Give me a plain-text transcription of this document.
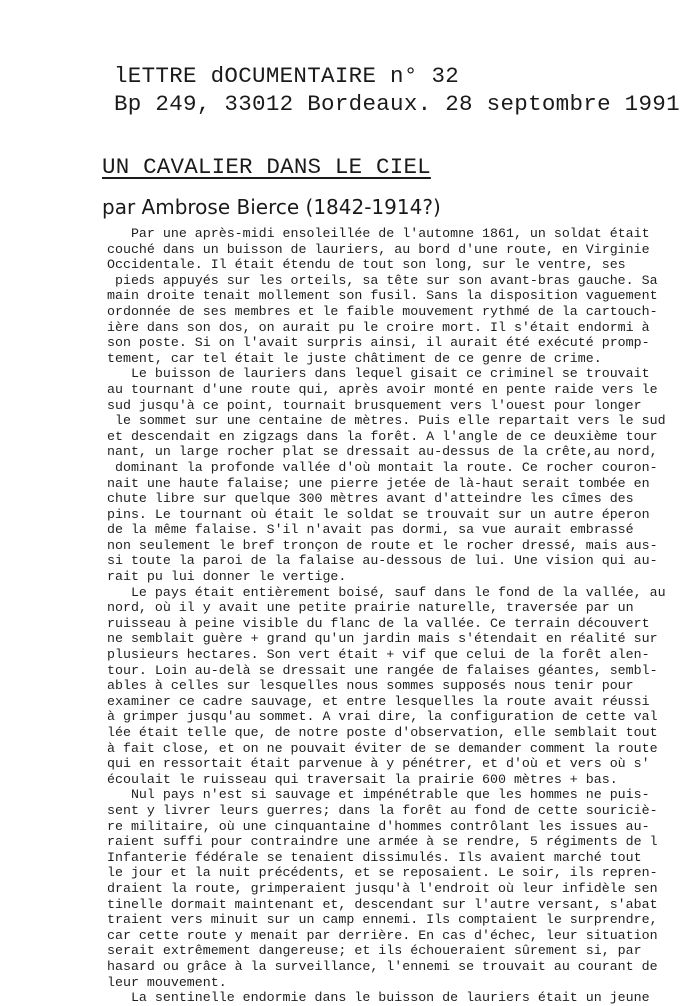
lETTRE dOCUMENTAIRE n° 32
Bp 249, 33012 Bordeaux. 28 septombre 1991
UN CAVALIER DANS LE CIEL
par Ambrose Bierce (1842-1914?)

Par une après-midi ensoleillée de l'automne 1861, un soldat était
couché dans un buisson de lauriers, au bord d'une route, en Virginie
Occidentale. Il était étendu de tout son long, sur le ventre, ses
pieds appuyés sur les orteils, sa tête sur son avant-bras gauche. Sa
main droite tenait mollement son fusil. Sans la disposition vaguement
ordonnée de ses membres et le faible mouvement rythmé de la cartouch-
ière dans son dos, on aurait pu le croire mort. Il s'était endormi à
son poste. Si on l'avait surpris ainsi, il aurait été exécuté promp-
tement, car tel était le juste châtiment de ce genre de crime.

Le buisson de lauriers dans lequel gisait ce criminel se trouvait
au tournant d'une route qui, après avoir monté en pente raide vers le
sud jusqu'à ce point, tournait brusquement vers l'ouest pour longer
le sommet sur une centaine de mètres. Puis elle repartait vers le sud
et descendait en zigzags dans la forêt. A l'angle de ce deuxième tour
nant, un large rocher plat se dressait au-dessus de la crête,au nord,
dominant la profonde vallée d'où montait la route. Ce rocher couron-
nait une haute falaise; une pierre jetée de là-haut serait tombée en
chute libre sur quelque 300 mètres avant d'atteindre les cîmes des
pins. Le tournant où était le soldat se trouvait sur un autre éperon
de la même falaise. S'il n'avait pas dormi, sa vue aurait embrassé
non seulement le bref tronçon de route et le rocher dressé, mais aus-
si toute la paroi de la falaise au-dessous de lui. Une vision qui au-
rait pu lui donner le vertige.

Le pays était entièrement boisé, sauf dans le fond de la vallée, au
nord, où il y avait une petite prairie naturelle, traversée par un
ruisseau à peine visible du flanc de la vallée. Ce terrain découvert
ne semblait guère + grand qu'un jardin mais s'étendait en réalité sur
plusieurs hectares. Son vert était + vif que celui de la forêt alen-
tour. Loin au-delà se dressait une rangée de falaises géantes, sembl-
ables à celles sur lesquelles nous sommes supposés nous tenir pour
examiner ce cadre sauvage, et entre lesquelles la route avait réussi
à grimper jusqu'au sommet. A vrai dire, la configuration de cette val
lée était telle que, de notre poste d'observation, elle semblait tout
à fait close, et on ne pouvait éviter de se demander comment la route
qui en ressortait était parvenue à y pénétrer, et d'où et vers où s'
écoulait le ruisseau qui traversait la prairie 600 mètres + bas.

Nul pays n'est si sauvage et impénétrable que les hommes ne puis-
sent y livrer leurs guerres; dans la forêt au fond de cette souriciè-
re militaire, où une cinquantaine d'hommes contrôlant les issues au-
raient suffi pour contraindre une armée à se rendre, 5 régiments de l
Infanterie fédérale se tenaient dissimulés. Ils avaient marché tout
le jour et la nuit précédents, et se reposaient. Le soir, ils repren-
draient la route, grimperaient jusqu'à l'endroit où leur infidèle sen
tinelle dormait maintenant et, descendant sur l'autre versant, s'abat
traient vers minuit sur un camp ennemi. Ils comptaient le surprendre,
car cette route y menait par derrière. En cas d'échec, leur situation
serait extrêmement dangereuse; et ils échoueraient sûrement si, par
hasard ou grâce à la surveillance, l'ennemi se trouvait au courant de
leur mouvement.

La sentinelle endormie dans le buisson de lauriers était un jeune
